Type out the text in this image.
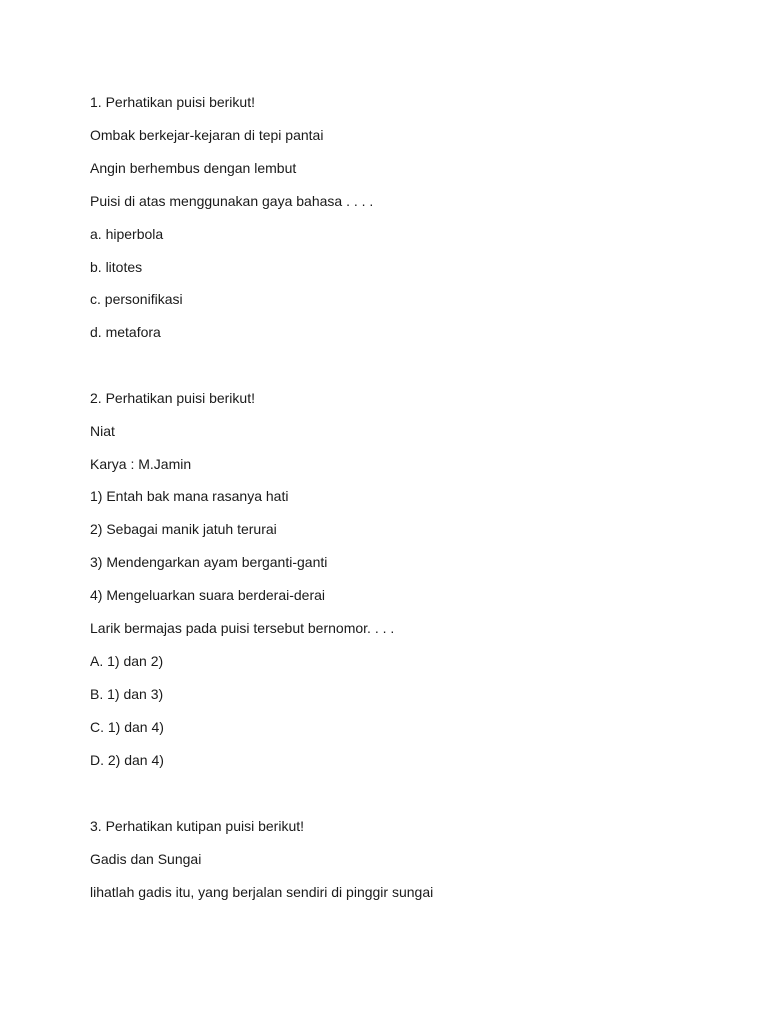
1. Perhatikan puisi berikut!

Ombak berkejar-kejaran di tepi pantai

Angin berhembus dengan lembut

Puisi di atas menggunakan gaya bahasa . . . .

a. hiperbola

b. litotes

c. personifikasi

d. metafora

2. Perhatikan puisi berikut!

Niat

Karya : M.Jamin

1) Entah bak mana rasanya hati

2) Sebagai manik jatuh terurai

3) Mendengarkan ayam berganti-ganti

4) Mengeluarkan suara berderai-derai

Larik bermajas pada puisi tersebut bernomor. . . .

A. 1) dan 2)

B. 1) dan 3)

C. 1) dan 4)

D. 2) dan 4)

3. Perhatikan kutipan puisi berikut!

Gadis dan Sungai

lihatlah gadis itu, yang berjalan sendiri di pinggir sungai
